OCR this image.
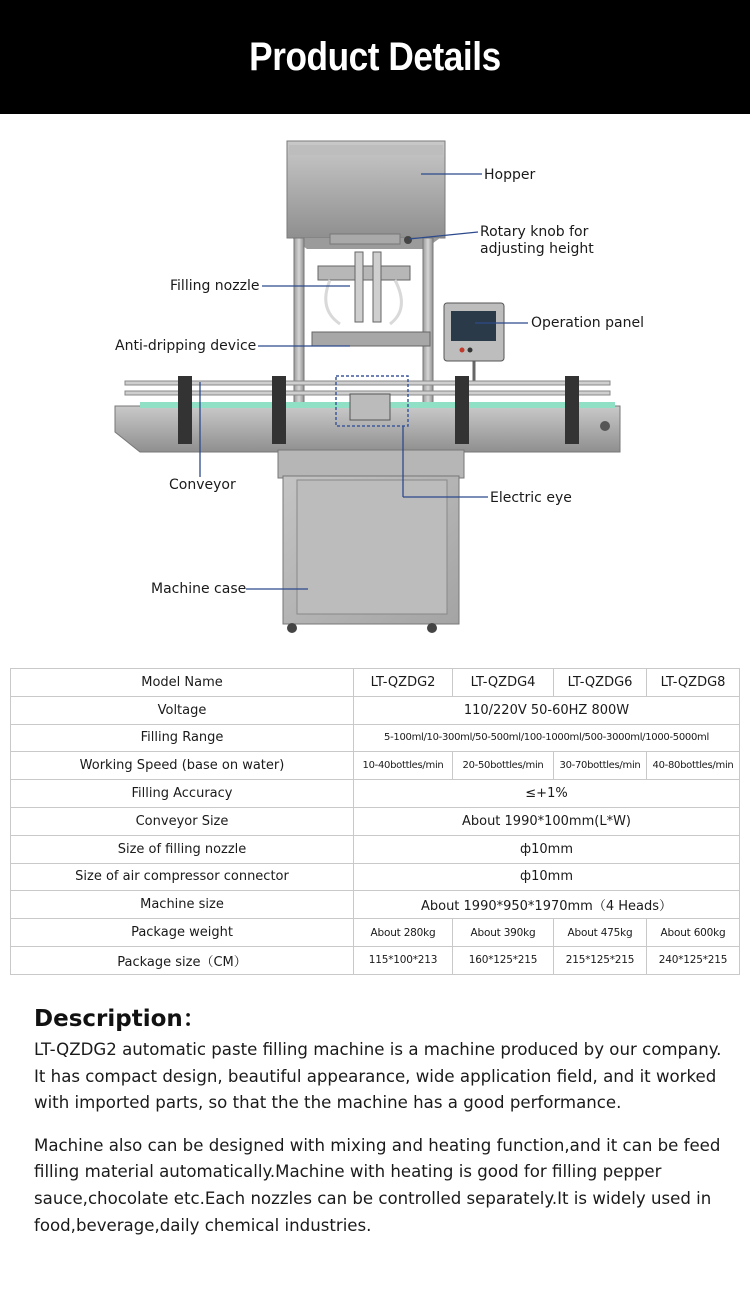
Product Details
Hopper
Rotary knob for
adjusting height
Filling nozzle
Operation panel
Anti-dripping device
Conveyor
Electric eye
Machine case
Model Name	LT-QZDG2	LT-QZDG4	LT-QZDG6	LT-QZDG8
Voltage	110/220V 50-60HZ 800W			
Filling Range	5-100ml/10-300ml/50-500ml/100-1000ml/500-3000ml/1000-5000ml			
Working Speed (base on water)	10-40bottles/min	20-50bottles/min	30-70bottles/min	40-80bottles/min
Filling Accuracy	≤+1%			
Conveyor Size	About 1990*100mm(L*W)			
Size of filling nozzle	ф10mm			
Size of air compressor connector	ф10mm			
Machine size	About 1990*950*1970mm（4 Heads）			
Package weight	About 280kg	About 390kg	About 475kg	About 600kg
Package size（CM）	115*100*213	160*125*215	215*125*215	240*125*215
Description：

LT-QZDG2 automatic paste filling machine is a machine produced by our company. It has compact design, beautiful appearance, wide application field, and it worked with imported parts, so that the the machine has a good performance.

Machine also can be designed with mixing and heating function,and it can be feed filling material automatically.Machine with heating is good for filling pepper sauce,chocolate etc.Each nozzles can be controlled separately.It is widely used in food,beverage,daily chemical industries.
